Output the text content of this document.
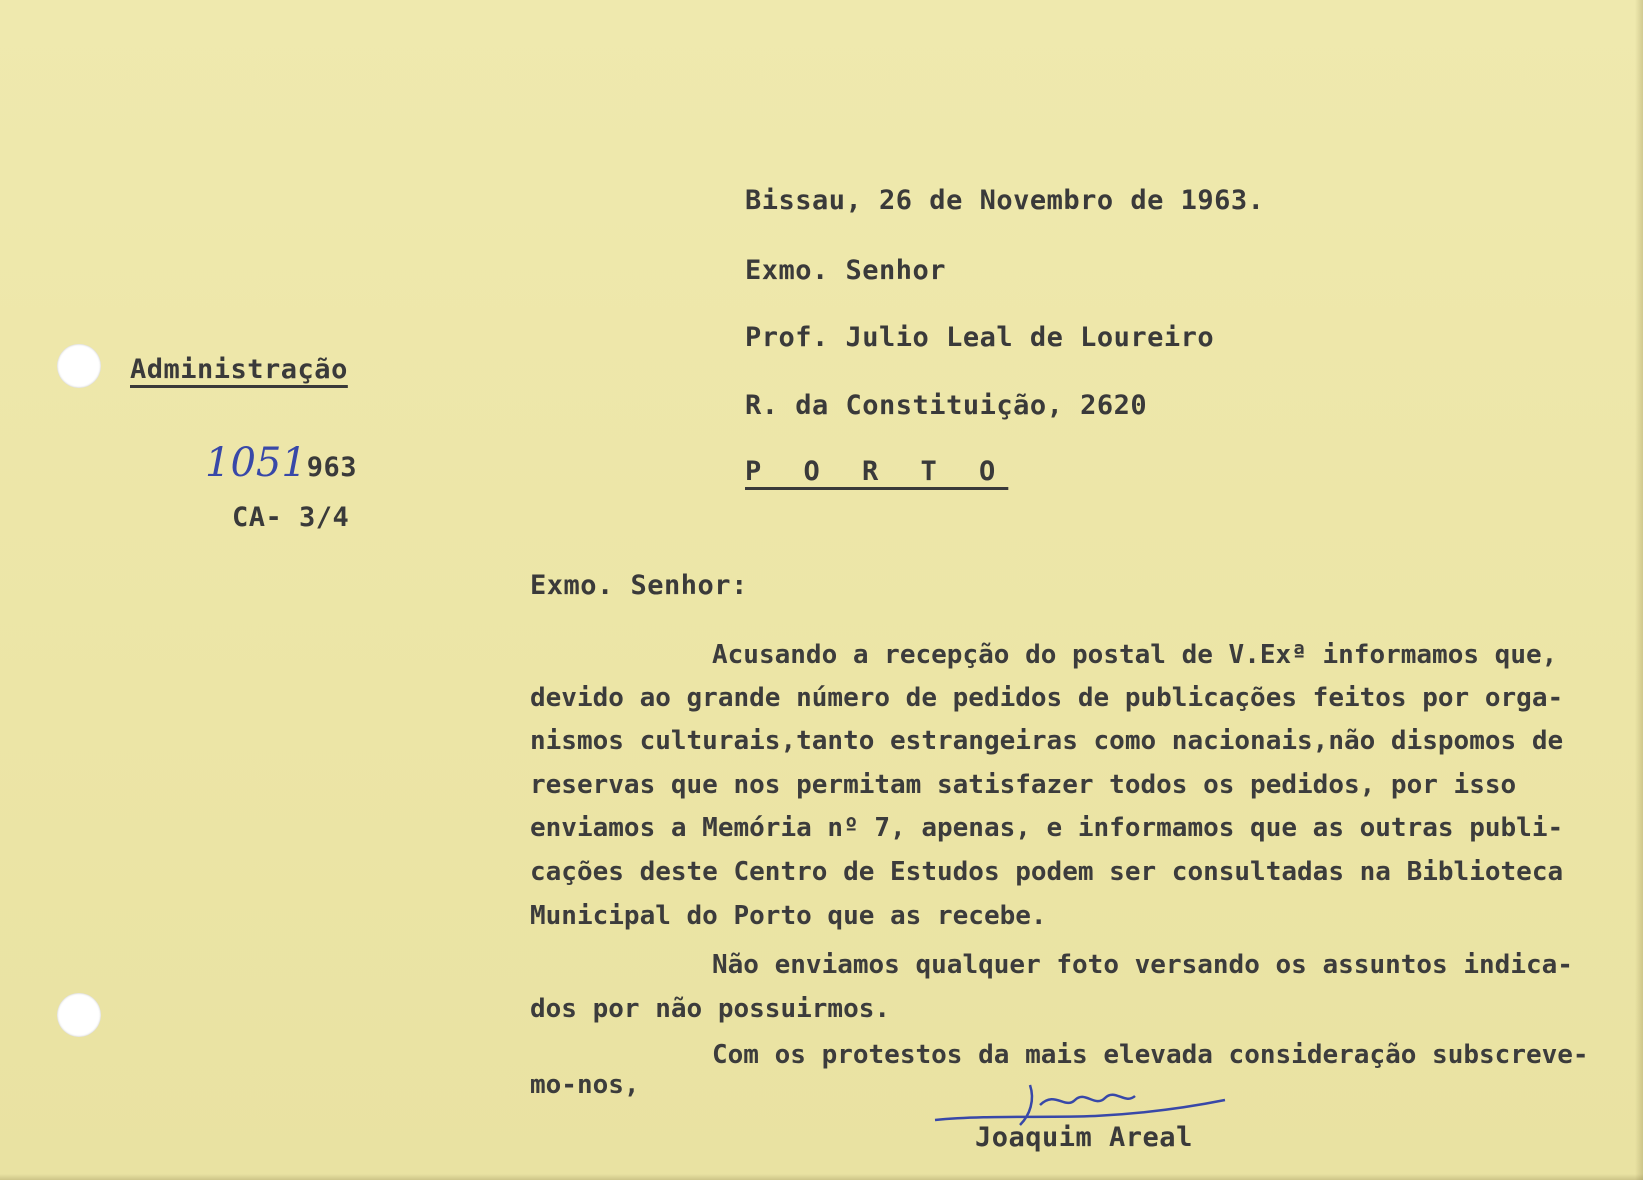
Administração
1051963
CA- 3/4
Bissau, 26 de Novembro de 1963.
Exmo. Senhor
Prof. Julio Leal de Loureiro
R. da Constituição, 2620
P O R T O
Exmo. Senhor:
Acusando a recepção do postal de V.Exª informamos que,
devido ao grande número de pedidos de publicações feitos por orga-
nismos culturais,tanto estrangeiras como nacionais,não dispomos de
reservas que nos permitam satisfazer todos os pedidos, por isso
enviamos a Memória nº 7, apenas, e informamos que as outras publi-
cações deste Centro de Estudos podem ser consultadas na Biblioteca
Municipal do Porto que as recebe.
Não enviamos qualquer foto versando os assuntos indica-
dos por não possuirmos.
Com os protestos da mais elevada consideração subscreve-
mo-nos,
Joaquim Areal
